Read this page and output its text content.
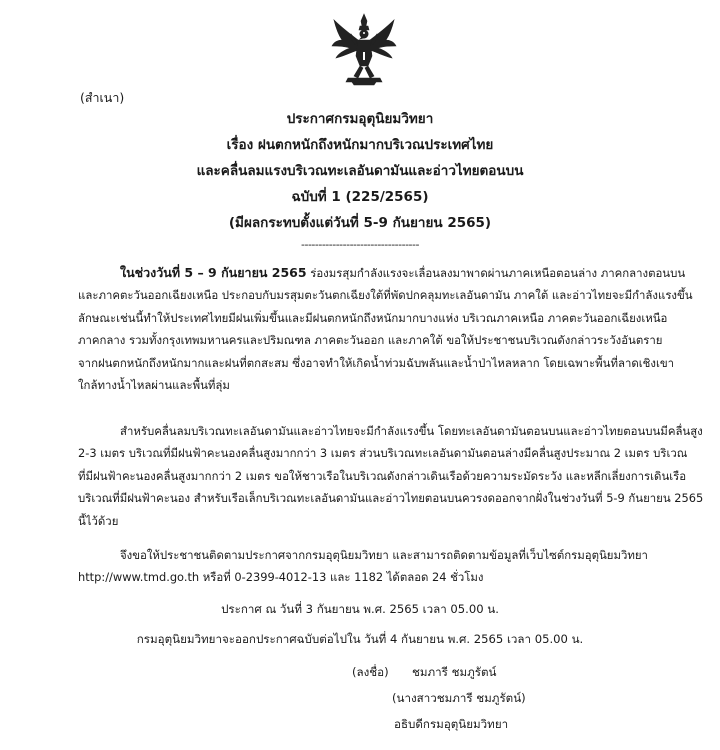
(สำเนา)
ประกาศกรมอุตุนิยมวิทยา
เรื่อง ฝนตกหนักถึงหนักมากบริเวณประเทศไทย
และคลื่นลมแรงบริเวณทะเลอันดามันและอ่าวไทยตอนบน
ฉบับที่ 1 (225/2565)
(มีผลกระทบตั้งแต่วันที่ 5-9 กันยายน 2565)
----------------------------------
ในช่วงวันที่ 5 – 9 กันยายน 2565 ร่องมรสุมกำลังแรงจะเลื่อนลงมาพาดผ่านภาคเหนือตอนล่าง ภาคกลางตอนบน
และภาคตะวันออกเฉียงเหนือ ประกอบกับมรสุมตะวันตกเฉียงใต้ที่พัดปกคลุมทะเลอันดามัน ภาคใต้ และอ่าวไทยจะมีกำลังแรงขึ้น
ลักษณะเช่นนี้ทำให้ประเทศไทยมีฝนเพิ่มขึ้นและมีฝนตกหนักถึงหนักมากบางแห่ง บริเวณภาคเหนือ ภาคตะวันออกเฉียงเหนือ
ภาคกลาง รวมทั้งกรุงเทพมหานครและปริมณฑล ภาคตะวันออก และภาคใต้ ขอให้ประชาชนบริเวณดังกล่าวระวังอันตราย
จากฝนตกหนักถึงหนักมากและฝนที่ตกสะสม ซึ่งอาจทำให้เกิดน้ำท่วมฉับพลันและน้ำป่าไหลหลาก โดยเฉพาะพื้นที่ลาดเชิงเขา
ใกล้ทางน้ำไหลผ่านและพื้นที่ลุ่ม
สำหรับคลื่นลมบริเวณทะเลอันดามันและอ่าวไทยจะมีกำลังแรงขึ้น โดยทะเลอันดามันตอนบนและอ่าวไทยตอนบนมีคลื่นสูง
2-3 เมตร บริเวณที่มีฝนฟ้าคะนองคลื่นสูงมากกว่า 3 เมตร ส่วนบริเวณทะเลอันดามันตอนล่างมีคลื่นสูงประมาณ 2 เมตร บริเวณ
ที่มีฝนฟ้าคะนองคลื่นสูงมากกว่า 2 เมตร ขอให้ชาวเรือในบริเวณดังกล่าวเดินเรือด้วยความระมัดระวัง และหลีกเลี่ยงการเดินเรือ
บริเวณที่มีฝนฟ้าคะนอง สำหรับเรือเล็กบริเวณทะเลอันดามันและอ่าวไทยตอนบนควรงดออกจากฝั่งในช่วงวันที่ 5-9 กันยายน 2565
นี้ไว้ด้วย
จึงขอให้ประชาชนติดตามประกาศจากกรมอุตุนิยมวิทยา และสามารถติดตามข้อมูลที่เว็บไซต์กรมอุตุนิยมวิทยา
http://www.tmd.go.th หรือที่ 0-2399-4012-13 และ 1182 ได้ตลอด 24 ชั่วโมง
ประกาศ ณ วันที่ 3 กันยายน พ.ศ. 2565 เวลา 05.00 น.
กรมอุตุนิยมวิทยาจะออกประกาศฉบับต่อไปใน วันที่ 4 กันยายน พ.ศ. 2565 เวลา 05.00 น.
(ลงชื่อ) ชมภารี ชมภูรัตน์
(นางสาวชมภารี ชมภูรัตน์)
อธิบดีกรมอุตุนิยมวิทยา
